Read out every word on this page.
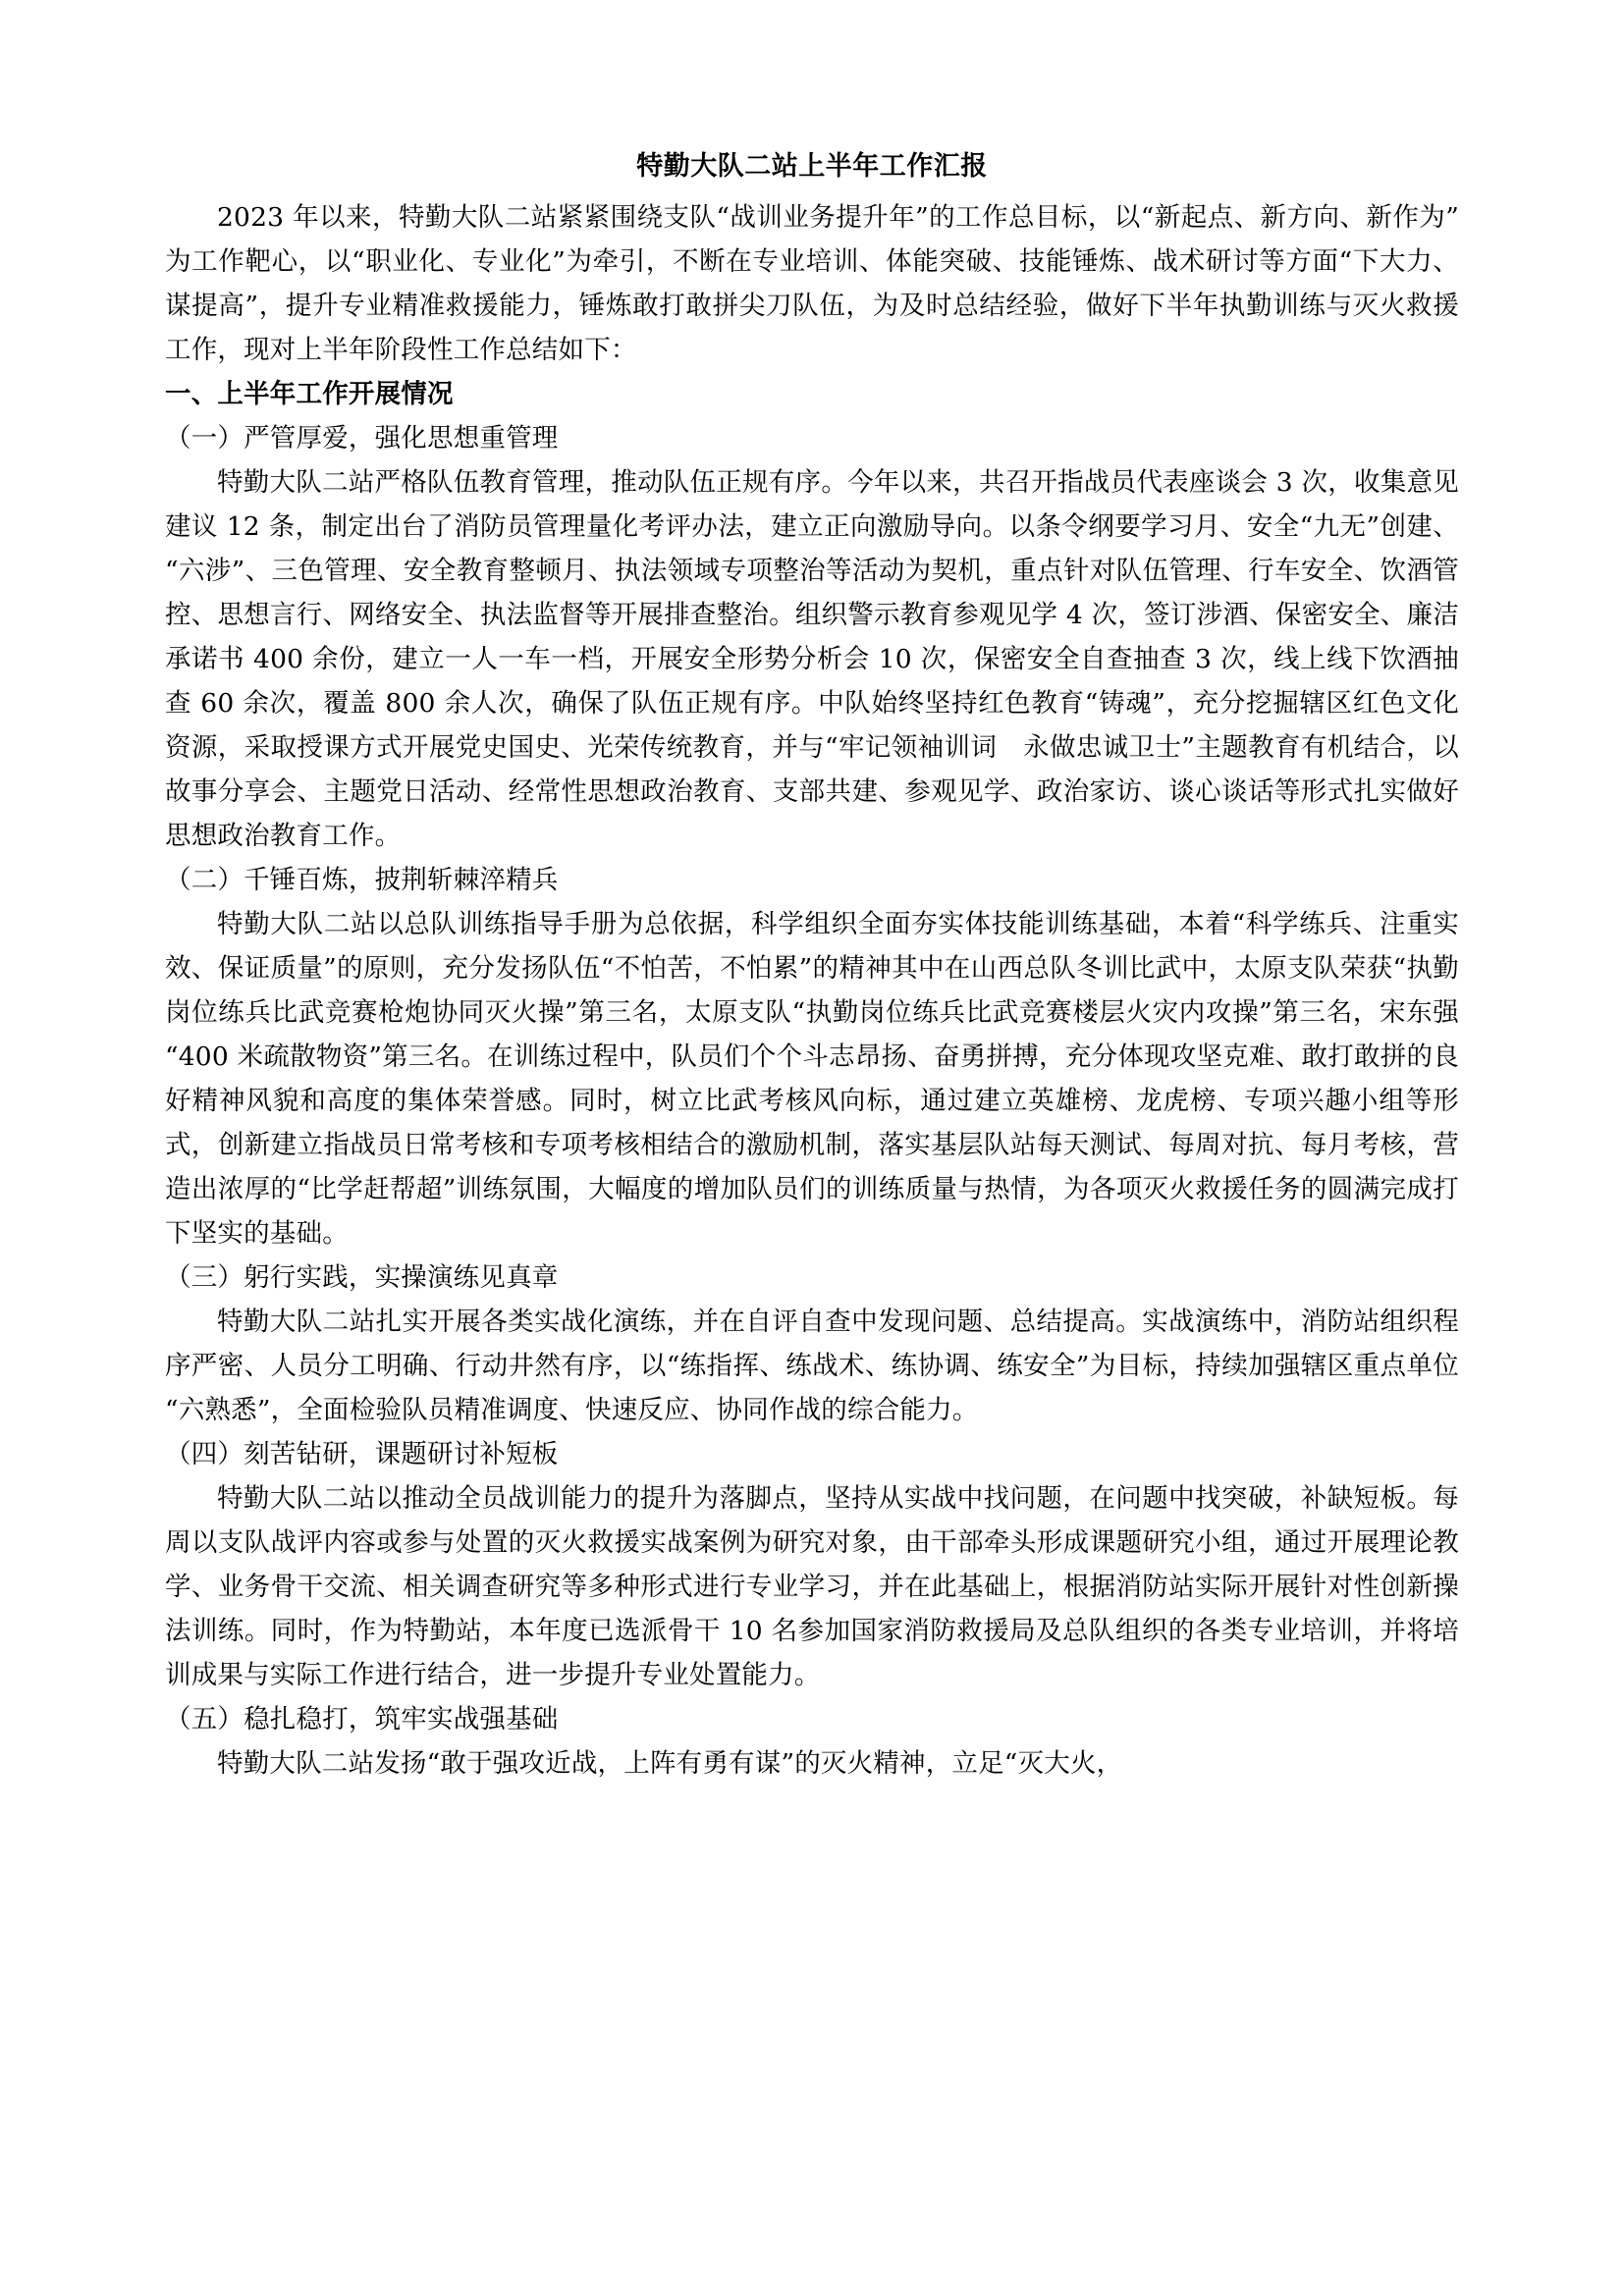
特勤大队二站上半年工作汇报

2023 年以来，特勤大队二站紧紧围绕支队“战训业务提升年”的工作总目标，以“新起点、新方向、新作为”为工作靶心，以“职业化、专业化”为牵引，不断在专业培训、体能突破、技能锤炼、战术研讨等方面“下大力、谋提高”，提升专业精准救援能力，锤炼敢打敢拼尖刀队伍，为及时总结经验，做好下半年执勤训练与灭火救援工作，现对上半年阶段性工作总结如下：

一、上半年工作开展情况

（一）严管厚爱，强化思想重管理

特勤大队二站严格队伍教育管理，推动队伍正规有序。今年以来，共召开指战员代表座谈会 3 次，收集意见建议 12 条，制定出台了消防员管理量化考评办法，建立正向激励导向。以条令纲要学习月、安全“九无”创建、“六涉”、三色管理、安全教育整顿月、执法领域专项整治等活动为契机，重点针对队伍管理、行车安全、饮酒管控、思想言行、网络安全、执法监督等开展排查整治。组织警示教育参观见学 4 次，签订涉酒、保密安全、廉洁承诺书 400 余份，建立一人一车一档，开展安全形势分析会 10 次，保密安全自查抽查 3 次，线上线下饮酒抽查 60 余次，覆盖 800 余人次，确保了队伍正规有序。中队始终坚持红色教育“铸魂”，充分挖掘辖区红色文化资源，采取授课方式开展党史国史、光荣传统教育，并与“牢记领袖训词　永做忠诚卫士”主题教育有机结合，以故事分享会、主题党日活动、经常性思想政治教育、支部共建、参观见学、政治家访、谈心谈话等形式扎实做好思想政治教育工作。

（二）千锤百炼，披荆斩棘淬精兵

特勤大队二站以总队训练指导手册为总依据，科学组织全面夯实体技能训练基础，本着“科学练兵、注重实效、保证质量”的原则，充分发扬队伍“不怕苦，不怕累”的精神其中在山西总队冬训比武中，太原支队荣获“执勤岗位练兵比武竞赛枪炮协同灭火操”第三名，太原支队“执勤岗位练兵比武竞赛楼层火灾内攻操”第三名，宋东强“400 米疏散物资”第三名。在训练过程中，队员们个个斗志昂扬、奋勇拼搏，充分体现攻坚克难、敢打敢拼的良好精神风貌和高度的集体荣誉感。同时，树立比武考核风向标，通过建立英雄榜、龙虎榜、专项兴趣小组等形式，创新建立指战员日常考核和专项考核相结合的激励机制，落实基层队站每天测试、每周对抗、每月考核，营造出浓厚的“比学赶帮超”训练氛围，大幅度的增加队员们的训练质量与热情，为各项灭火救援任务的圆满完成打下坚实的基础。

（三）躬行实践，实操演练见真章

特勤大队二站扎实开展各类实战化演练，并在自评自查中发现问题、总结提高。实战演练中，消防站组织程序严密、人员分工明确、行动井然有序，以“练指挥、练战术、练协调、练安全”为目标，持续加强辖区重点单位“六熟悉”，全面检验队员精准调度、快速反应、协同作战的综合能力。

（四）刻苦钻研，课题研讨补短板

特勤大队二站以推动全员战训能力的提升为落脚点，坚持从实战中找问题，在问题中找突破，补缺短板。每周以支队战评内容或参与处置的灭火救援实战案例为研究对象，由干部牵头形成课题研究小组，通过开展理论教学、业务骨干交流、相关调查研究等多种形式进行专业学习，并在此基础上，根据消防站实际开展针对性创新操法训练。同时，作为特勤站，本年度已选派骨干 10 名参加国家消防救援局及总队组织的各类专业培训，并将培训成果与实际工作进行结合，进一步提升专业处置能力。

（五）稳扎稳打，筑牢实战强基础

特勤大队二站发扬“敢于强攻近战，上阵有勇有谋”的灭火精神，立足“灭大火，
